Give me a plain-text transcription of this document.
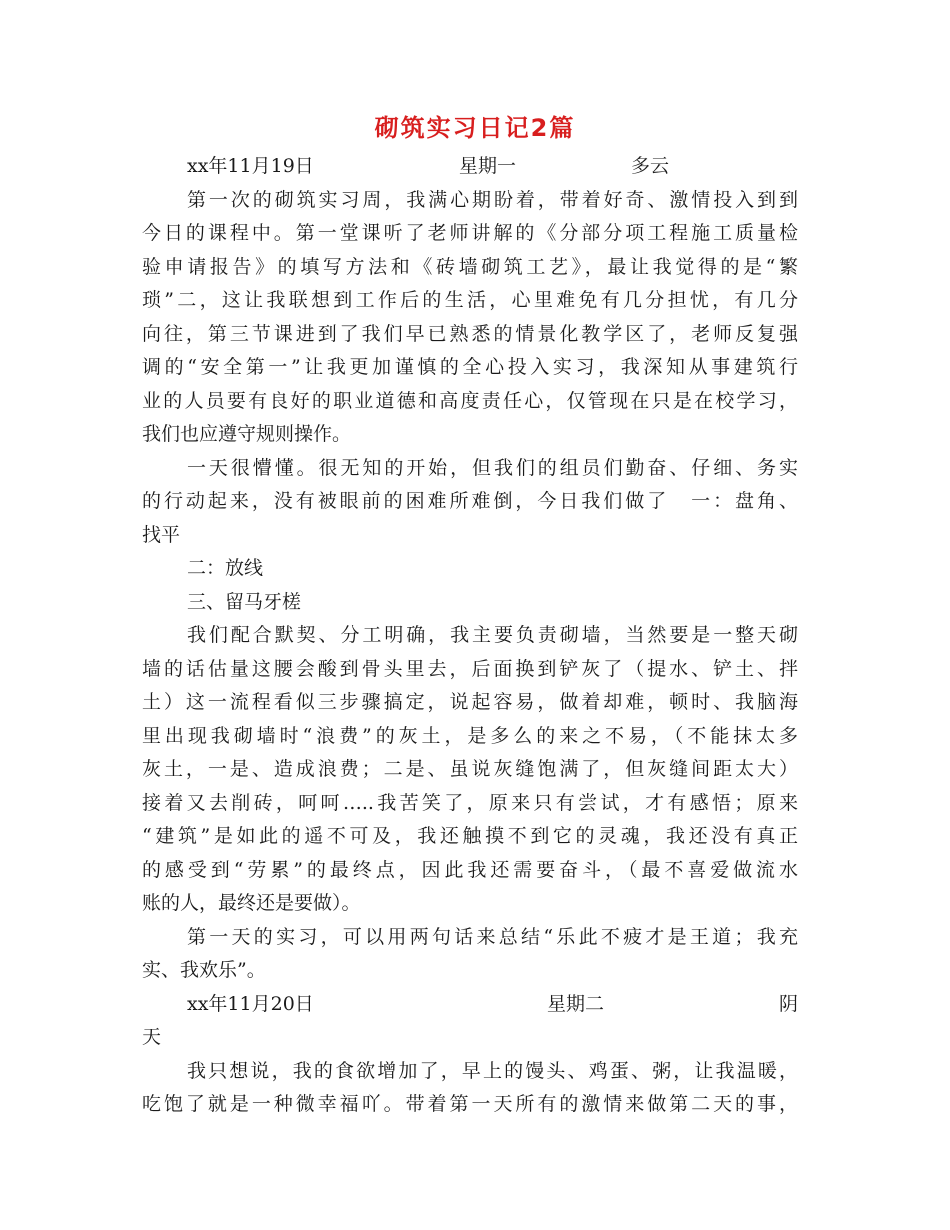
砌筑实习日记2篇
xx年11月19日	星期一	多云
第一次的砌筑实习周，我满心期盼着，带着好奇、激情投入到到
今日的课程中。第一堂课听了老师讲解的《分部分项工程施工质量检
验申请报告》的填写方法和《砖墙砌筑工艺》，最让我觉得的是“繁
琐”二，这让我联想到工作后的生活，心里难免有几分担忧，有几分
向往，第三节课进到了我们早已熟悉的情景化教学区了，老师反复强
调的“安全第一”让我更加谨慎的全心投入实习，我深知从事建筑行
业的人员要有良好的职业道德和高度责任心，仅管现在只是在校学习，
我们也应遵守规则操作。
一天很懵懂。很无知的开始，但我们的组员们勤奋、仔细、务实
的行动起来，没有被眼前的困难所难倒，今日我们做了　一：盘角、
找平
二：放线
三、留马牙槎
我们配合默契、分工明确，我主要负责砌墙，当然要是一整天砌
墙的话估量这腰会酸到骨头里去，后面换到铲灰了（提水、铲土、拌
土）这一流程看似三步骤搞定，说起容易，做着却难，顿时、我脑海
里出现我砌墙时“浪费”的灰土，是多么的来之不易，（不能抹太多
灰土，一是、造成浪费；二是、虽说灰缝饱满了，但灰缝间距太大）
接着又去削砖，呵呵…..我苦笑了，原来只有尝试，才有感悟；原来
“建筑”是如此的遥不可及，我还触摸不到它的灵魂，我还没有真正
的感受到“劳累”的最终点，因此我还需要奋斗，（最不喜爱做流水
账的人，最终还是要做）。
第一天的实习，可以用两句话来总结“乐此不疲才是王道；我充
实、我欢乐”。
xx年11月20日	星期二	阴
天
我只想说，我的食欲增加了，早上的馒头、鸡蛋、粥，让我温暖，
吃饱了就是一种微幸福吖。带着第一天所有的激情来做第二天的事，
